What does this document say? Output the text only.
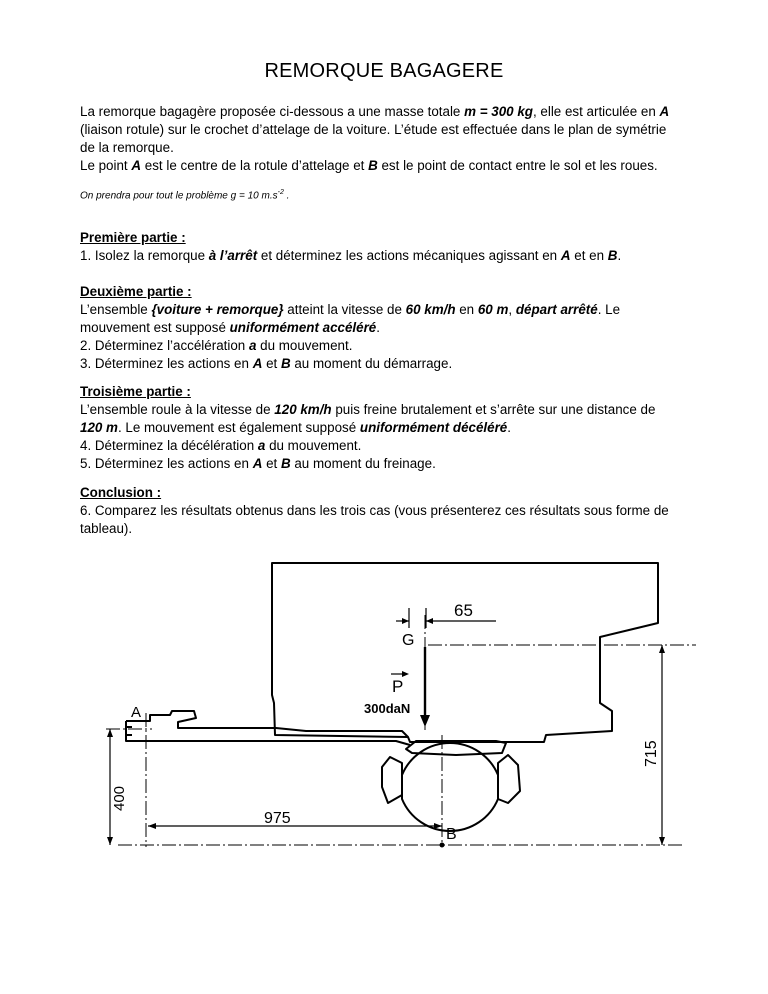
REMORQUE BAGAGERE

La remorque bagagère proposée ci-dessous a une masse totale m = 300 kg, elle est articulée en A (liaison rotule) sur le crochet d’attelage de la voiture. L’étude est effectuée dans le plan de symétrie de la remorque.

Le point A est le centre de la rotule d’attelage et B est le point de contact entre le sol et les roues.

On prendra pour tout le problème g = 10 $m.s^{-2}$ .

Première partie :

1. Isolez la remorque à l’arrêt et déterminez les actions mécaniques agissant en A et en B.

Deuxième partie :

L’ensemble {voiture + remorque} atteint la vitesse de 60 km/h en 60 m, départ arrêté. Le mouvement est supposé uniformément accéléré.

2. Déterminez l’accélération a du mouvement.

3. Déterminez les actions en A et B au moment du démarrage.

Troisième partie :

L’ensemble roule à la vitesse de 120 km/h puis freine brutalement et s’arrête sur une distance de 120 m. Le mouvement est également supposé uniformément décéléré.

4. Déterminez la décélération a du mouvement.

5. Déterminez les actions en A et B au moment du freinage.

Conclusion :

6. Comparez les résultats obtenus dans les trois cas (vous présenterez ces résultats sous forme de tableau).

65
G
P
300daN
A
975
B
715
400
